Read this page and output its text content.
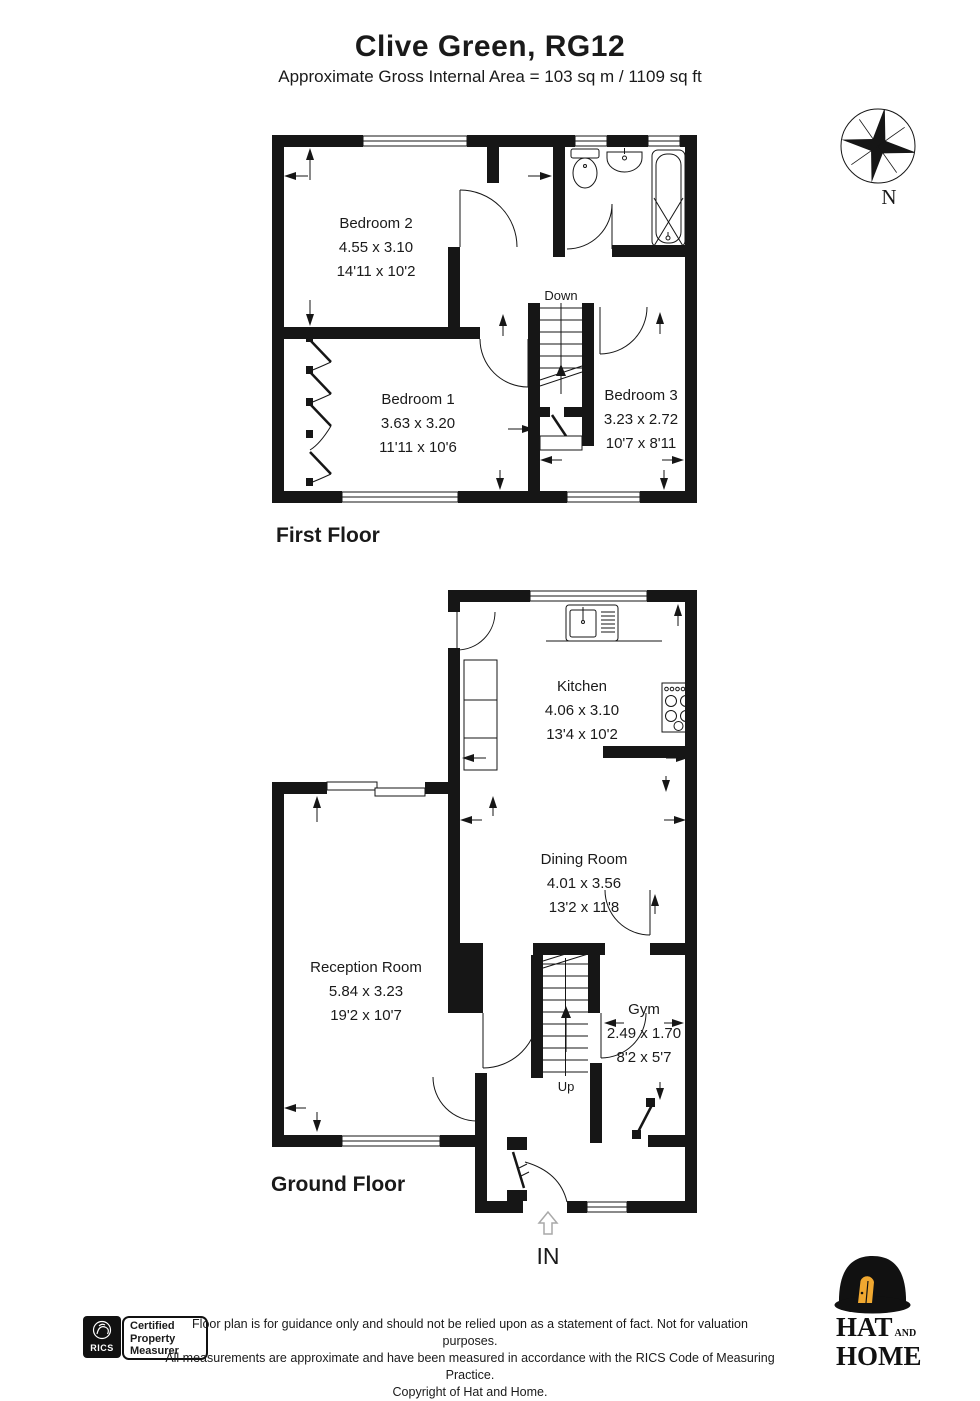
Clive Green, RG12
Approximate Gross Internal Area = 103 sq m / 1109 sq ft
N
Bedroom 2
4.55 x 3.10
14'11 x 10'2
Bedroom 1
3.63 x 3.20
11'11 x 10'6
Bedroom 3
3.23 x 2.72
10'7 x 8'11
Down
First Floor
IN
Kitchen
4.06 x 3.10
13'4 x 10'2
Dining Room
4.01 x 3.56
13'2 x 11'8
Reception Room
5.84 x 3.23
19'2 x 10'7	Gym
2.49 x 1.70
8'2 x 5'7
Up
Ground Floor
RICS
Certified
Property
Measurer
Floor plan is for guidance only and should not be relied upon as a statement of fact. Not for valuation purposes.
All measurements are approximate and have been measured in accordance with the RICS Code of Measuring Practice.
Copyright of Hat and Home.
HAT AND
HOME
